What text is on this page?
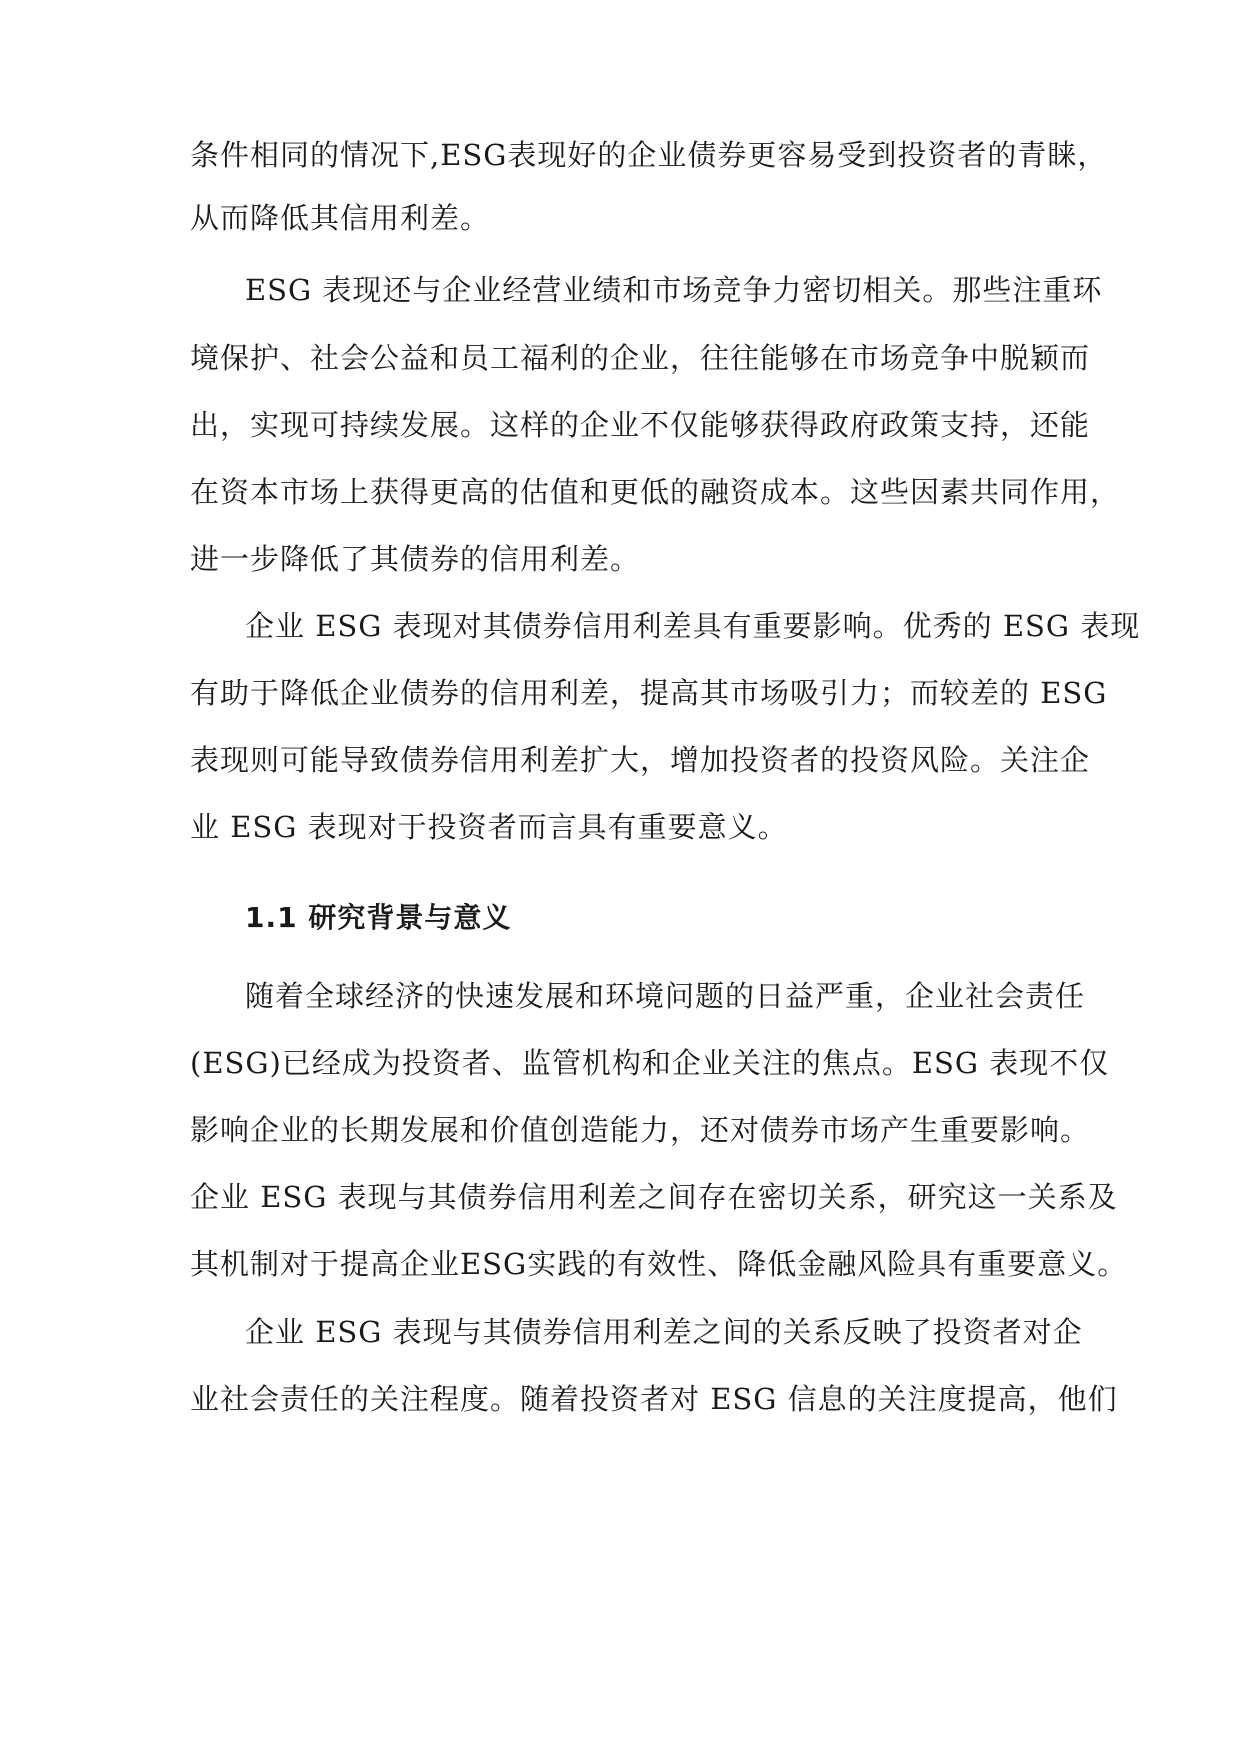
条件相同的情况下,ESG表现好的企业债券更容易受到投资者的青睐，
从而降低其信用利差。
ESG 表现还与企业经营业绩和市场竞争力密切相关。那些注重环
境保护、社会公益和员工福利的企业，往往能够在市场竞争中脱颖而
出，实现可持续发展。这样的企业不仅能够获得政府政策支持，还能
在资本市场上获得更高的估值和更低的融资成本。这些因素共同作用，
进一步降低了其债券的信用利差。
企业 ESG 表现对其债券信用利差具有重要影响。优秀的 ESG 表现
有助于降低企业债券的信用利差，提高其市场吸引力；而较差的 ESG
表现则可能导致债券信用利差扩大，增加投资者的投资风险。关注企
业 ESG 表现对于投资者而言具有重要意义。
1.1 研究背景与意义
随着全球经济的快速发展和环境问题的日益严重，企业社会责任
(ESG)已经成为投资者、监管机构和企业关注的焦点。ESG 表现不仅
影响企业的长期发展和价值创造能力，还对债券市场产生重要影响。
企业 ESG 表现与其债券信用利差之间存在密切关系，研究这一关系及
其机制对于提高企业ESG实践的有效性、降低金融风险具有重要意义。
企业 ESG 表现与其债券信用利差之间的关系反映了投资者对企
业社会责任的关注程度。随着投资者对 ESG 信息的关注度提高，他们
